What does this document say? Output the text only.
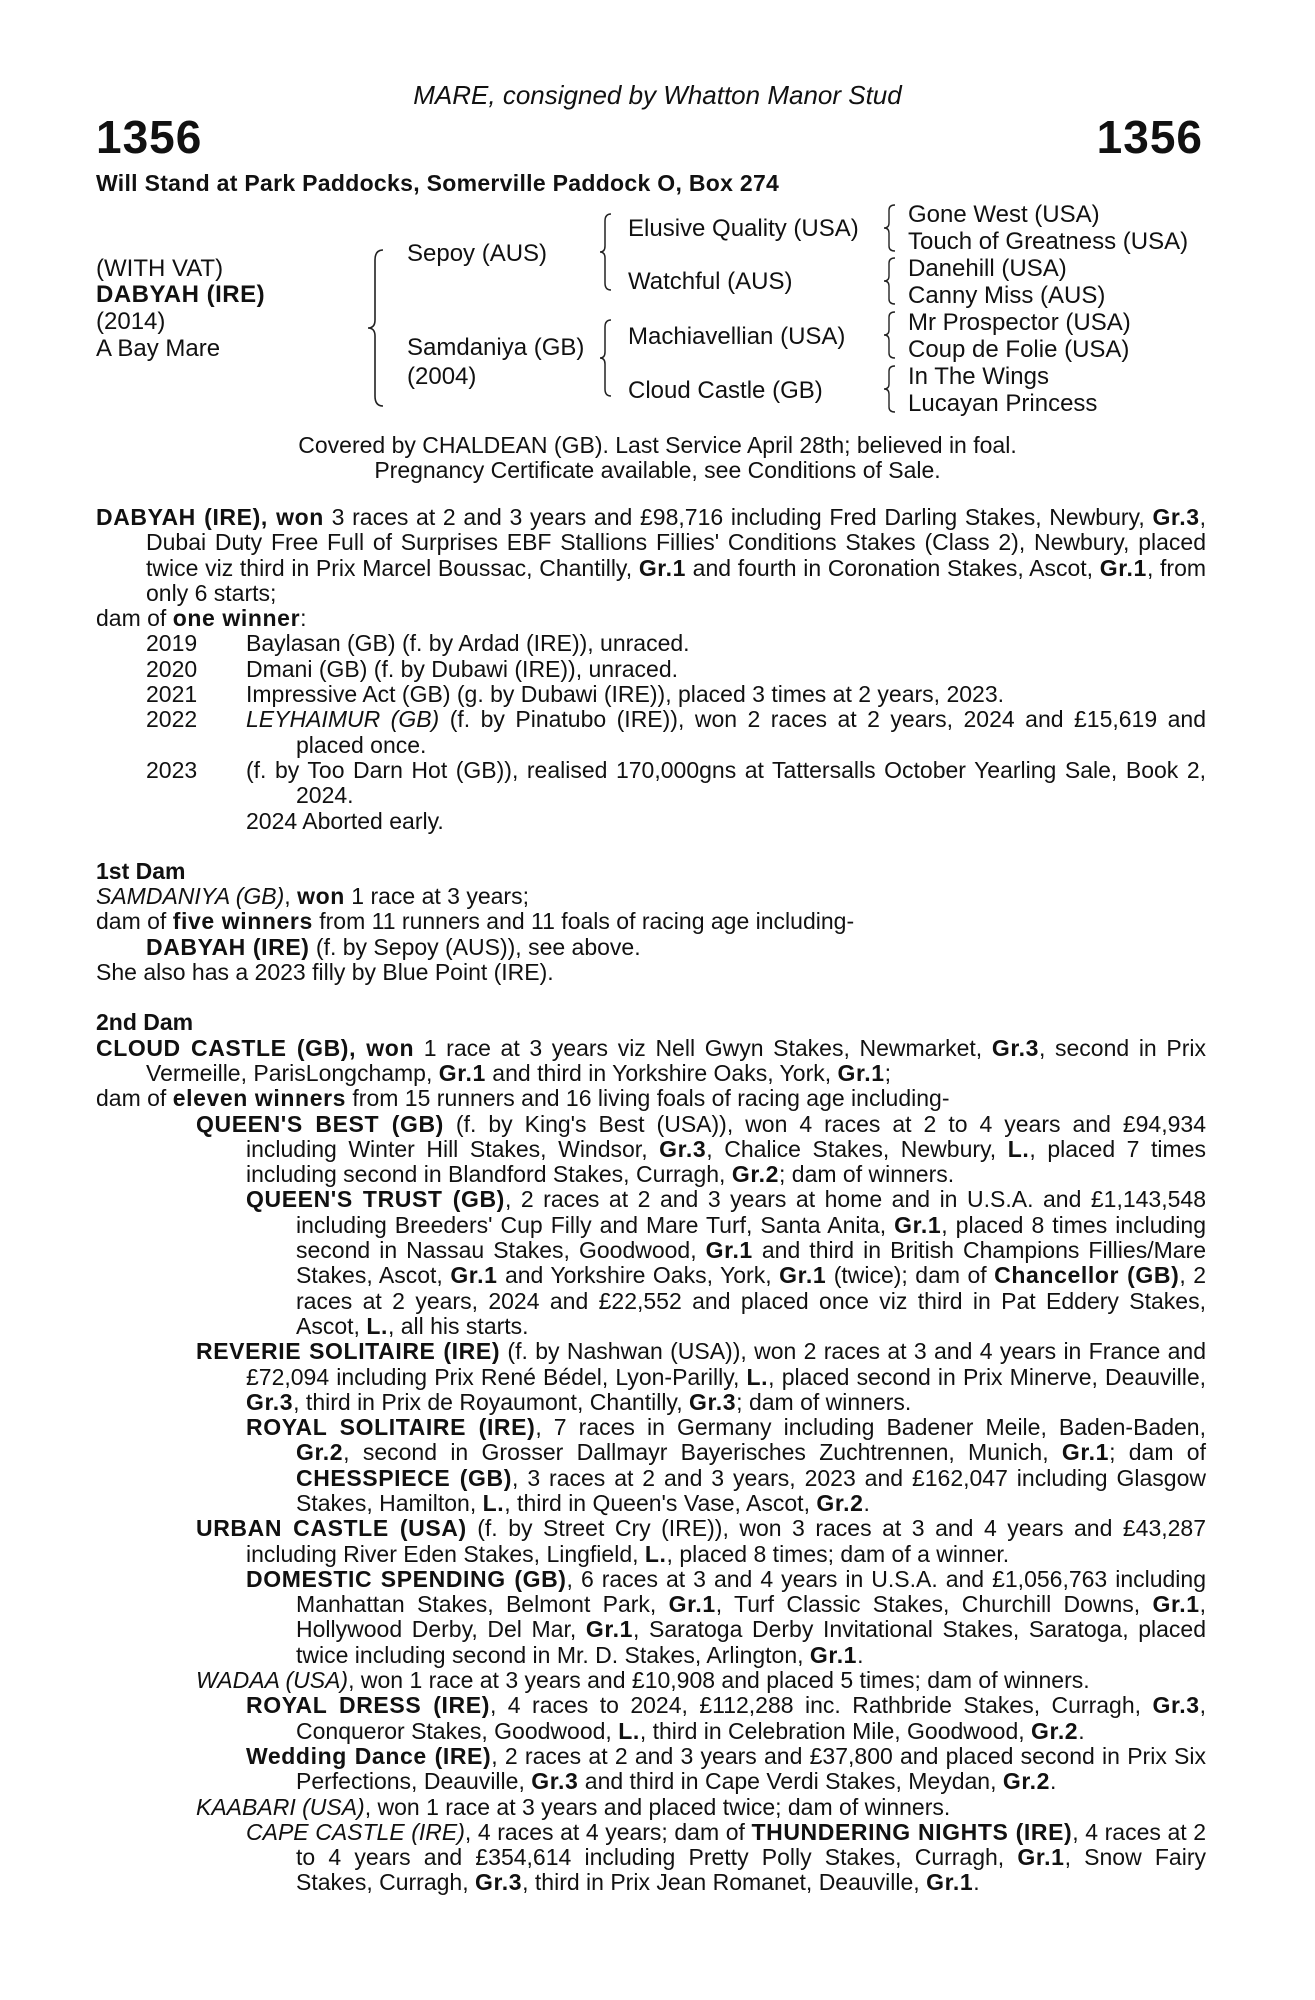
MARE, consigned by Whatton Manor Stud
1356	1356
Will Stand at Park Paddocks, Somerville Paddock O, Box 274
(WITH VAT)
DABYAH (IRE)
(2014)
A Bay Mare
Sepoy (AUS)
Samdaniya (GB)
(2004)
Elusive Quality (USA)
Watchful (AUS)
Machiavellian (USA)
Cloud Castle (GB)
Gone West (USA)
Touch of Greatness (USA)
Danehill (USA)
Canny Miss (AUS)
Mr Prospector (USA)
Coup de Folie (USA)
In The Wings
Lucayan Princess
Covered by CHALDEAN (GB). Last Service April 28th; believed in foal.
Pregnancy Certificate available, see Conditions of Sale.

DABYAH (IRE), won 3 races at 2 and 3 years and £98,716 including Fred Darling Stakes, Newbury, Gr.3, Dubai Duty Free Full of Surprises EBF Stallions Fillies' Conditions Stakes (Class 2), Newbury, placed twice viz third in Prix Marcel Boussac, Chantilly, Gr.1 and fourth in Coronation Stakes, Ascot, Gr.1, from only 6 starts;

dam of one winner:

2019	Baylasan (GB) (f. by Ardad (IRE)), unraced.
2020	Dmani (GB) (f. by Dubawi (IRE)), unraced.
2021	Impressive Act (GB) (g. by Dubawi (IRE)), placed 3 times at 2 years, 2023.
2022	LEYHAIMUR (GB) (f. by Pinatubo (IRE)), won 2 races at 2 years, 2024 and £15,619 and placed once.
2023	(f. by Too Darn Hot (GB)), realised 170,000gns at Tattersalls October Yearling Sale, Book 2, 2024.
2024 Aborted early.

1st Dam

SAMDANIYA (GB), won 1 race at 3 years;

dam of five winners from 11 runners and 11 foals of racing age including-

DABYAH (IRE) (f. by Sepoy (AUS)), see above.

She also has a 2023 filly by Blue Point (IRE).

2nd Dam

CLOUD CASTLE (GB), won 1 race at 3 years viz Nell Gwyn Stakes, Newmarket, Gr.3, second in Prix Vermeille, ParisLongchamp, Gr.1 and third in Yorkshire Oaks, York, Gr.1;

dam of eleven winners from 15 runners and 16 living foals of racing age including-

QUEEN'S BEST (GB) (f. by King's Best (USA)), won 4 races at 2 to 4 years and £94,934 including Winter Hill Stakes, Windsor, Gr.3, Chalice Stakes, Newbury, L., placed 7 times including second in Blandford Stakes, Curragh, Gr.2; dam of winners.

QUEEN'S TRUST (GB), 2 races at 2 and 3 years at home and in U.S.A. and £1,143,548 including Breeders' Cup Filly and Mare Turf, Santa Anita, Gr.1, placed 8 times including second in Nassau Stakes, Goodwood, Gr.1 and third in British Champions Fillies/Mare Stakes, Ascot, Gr.1 and Yorkshire Oaks, York, Gr.1 (twice); dam of Chancellor (GB), 2 races at 2 years, 2024 and £22,552 and placed once viz third in Pat Eddery Stakes, Ascot, L., all his starts.

REVERIE SOLITAIRE (IRE) (f. by Nashwan (USA)), won 2 races at 3 and 4 years in France and £72,094 including Prix René Bédel, Lyon-Parilly, L., placed second in Prix Minerve, Deauville, Gr.3, third in Prix de Royaumont, Chantilly, Gr.3; dam of winners.

ROYAL SOLITAIRE (IRE), 7 races in Germany including Badener Meile, Baden-Baden, Gr.2, second in Grosser Dallmayr Bayerisches Zuchtrennen, Munich, Gr.1; dam of CHESSPIECE (GB), 3 races at 2 and 3 years, 2023 and £162,047 including Glasgow Stakes, Hamilton, L., third in Queen's Vase, Ascot, Gr.2.

URBAN CASTLE (USA) (f. by Street Cry (IRE)), won 3 races at 3 and 4 years and £43,287 including River Eden Stakes, Lingfield, L., placed 8 times; dam of a winner.

DOMESTIC SPENDING (GB), 6 races at 3 and 4 years in U.S.A. and £1,056,763 including Manhattan Stakes, Belmont Park, Gr.1, Turf Classic Stakes, Churchill Downs, Gr.1, Hollywood Derby, Del Mar, Gr.1, Saratoga Derby Invitational Stakes, Saratoga, placed twice including second in Mr. D. Stakes, Arlington, Gr.1.

WADAA (USA), won 1 race at 3 years and £10,908 and placed 5 times; dam of winners.

ROYAL DRESS (IRE), 4 races to 2024, £112,288 inc. Rathbride Stakes, Curragh, Gr.3, Conqueror Stakes, Goodwood, L., third in Celebration Mile, Goodwood, Gr.2.

Wedding Dance (IRE), 2 races at 2 and 3 years and £37,800 and placed second in Prix Six Perfections, Deauville, Gr.3 and third in Cape Verdi Stakes, Meydan, Gr.2.

KAABARI (USA), won 1 race at 3 years and placed twice; dam of winners.

CAPE CASTLE (IRE), 4 races at 4 years; dam of THUNDERING NIGHTS (IRE), 4 races at 2 to 4 years and £354,614 including Pretty Polly Stakes, Curragh, Gr.1, Snow Fairy Stakes, Curragh, Gr.3, third in Prix Jean Romanet, Deauville, Gr.1.
